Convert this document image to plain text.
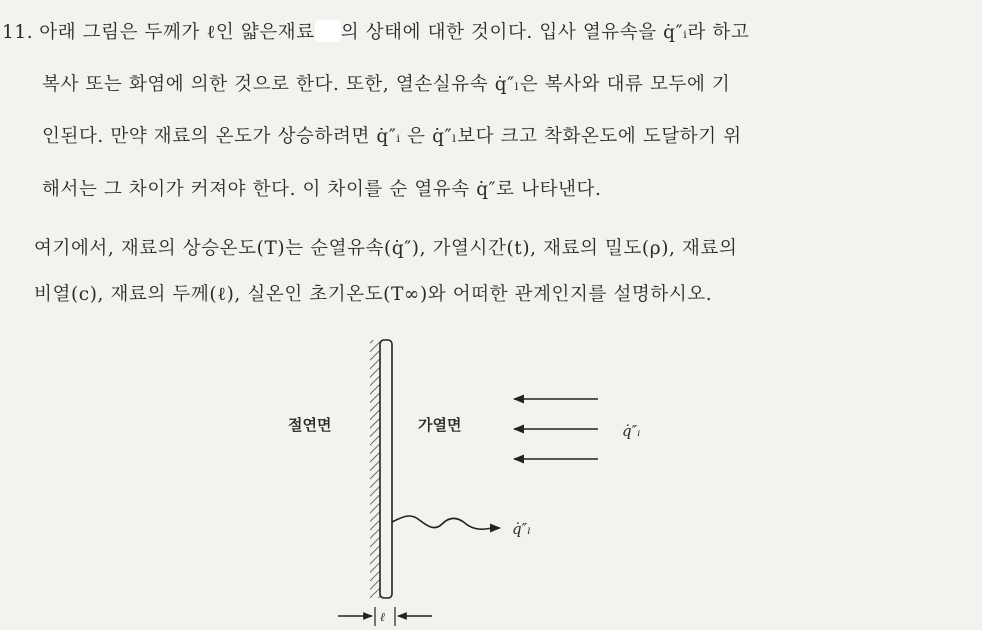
11. 아래 그림은 두께가 ℓ인 얇은재료 의 상태에 대한 것이다. 입사 열유속을 q̇″ᵢ라 하고
복사 또는 화염에 의한 것으로 한다. 또한, 열손실유속 q̇″ₗ은 복사와 대류 모두에 기
인된다. 만약 재료의 온도가 상승하려면 q̇″ᵢ 은 q̇″ₗ보다 크고 착화온도에 도달하기 위
해서는 그 차이가 커져야 한다. 이 차이를 순 열유속 q̇″로 나타낸다.
여기에서, 재료의 상승온도(T)는 순열유속(q̇″), 가열시간(t), 재료의 밀도(ρ), 재료의
비열(c), 재료의 두께(ℓ), 실온인 초기온도(T∞)와 어떠한 관계인지를 설명하시오.
절연면	가열면	q̇″ᵢ
q̇″ₗ
ℓ
